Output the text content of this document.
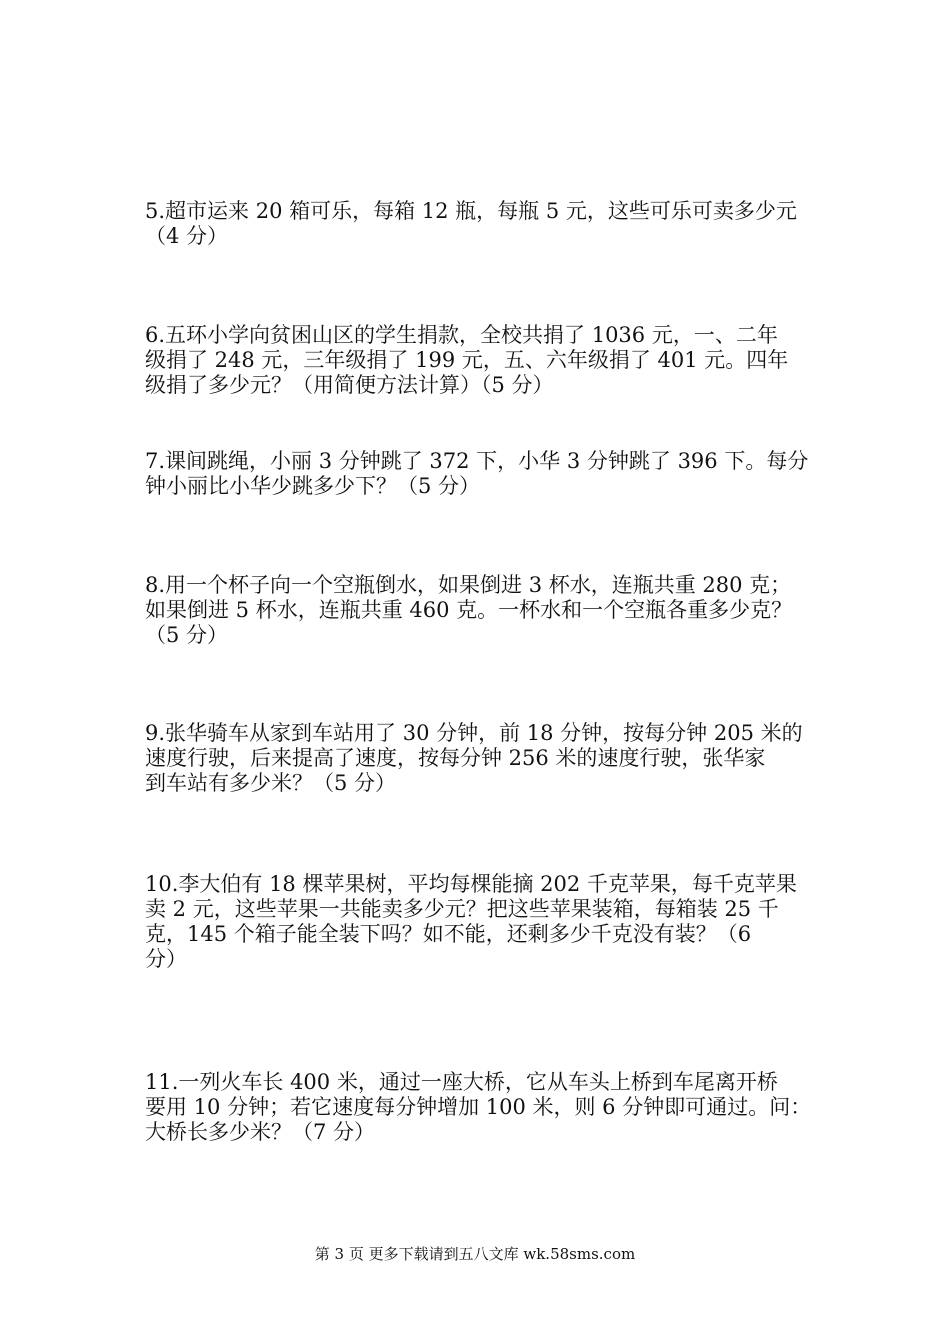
5.超市运来 20 箱可乐，每箱 12 瓶，每瓶 5 元，这些可乐可卖多少元
（4 分）
6.五环小学向贫困山区的学生捐款，全校共捐了 1036 元，一、二年
级捐了 248 元，三年级捐了 199 元，五、六年级捐了 401 元。四年
级捐了多少元？（用简便方法计算）（5 分）
7.课间跳绳，小丽 3 分钟跳了 372 下，小华 3 分钟跳了 396 下。每分
钟小丽比小华少跳多少下？（5 分）
8.用一个杯子向一个空瓶倒水，如果倒进 3 杯水，连瓶共重 280 克；
如果倒进 5 杯水，连瓶共重 460 克。一杯水和一个空瓶各重多少克？
（5 分）
9.张华骑车从家到车站用了 30 分钟，前 18 分钟，按每分钟 205 米的
速度行驶，后来提高了速度，按每分钟 256 米的速度行驶，张华家
到车站有多少米？（5 分）
10.李大伯有 18 棵苹果树，平均每棵能摘 202 千克苹果，每千克苹果
卖 2 元，这些苹果一共能卖多少元？把这些苹果装箱，每箱装 25 千
克，145 个箱子能全装下吗？如不能，还剩多少千克没有装？（6
分）
11.一列火车长 400 米，通过一座大桥，它从车头上桥到车尾离开桥
要用 10 分钟；若它速度每分钟增加 100 米，则 6 分钟即可通过。问：
大桥长多少米？（7 分）
第 3 页 更多下载请到五八文库 wk.58sms.com
